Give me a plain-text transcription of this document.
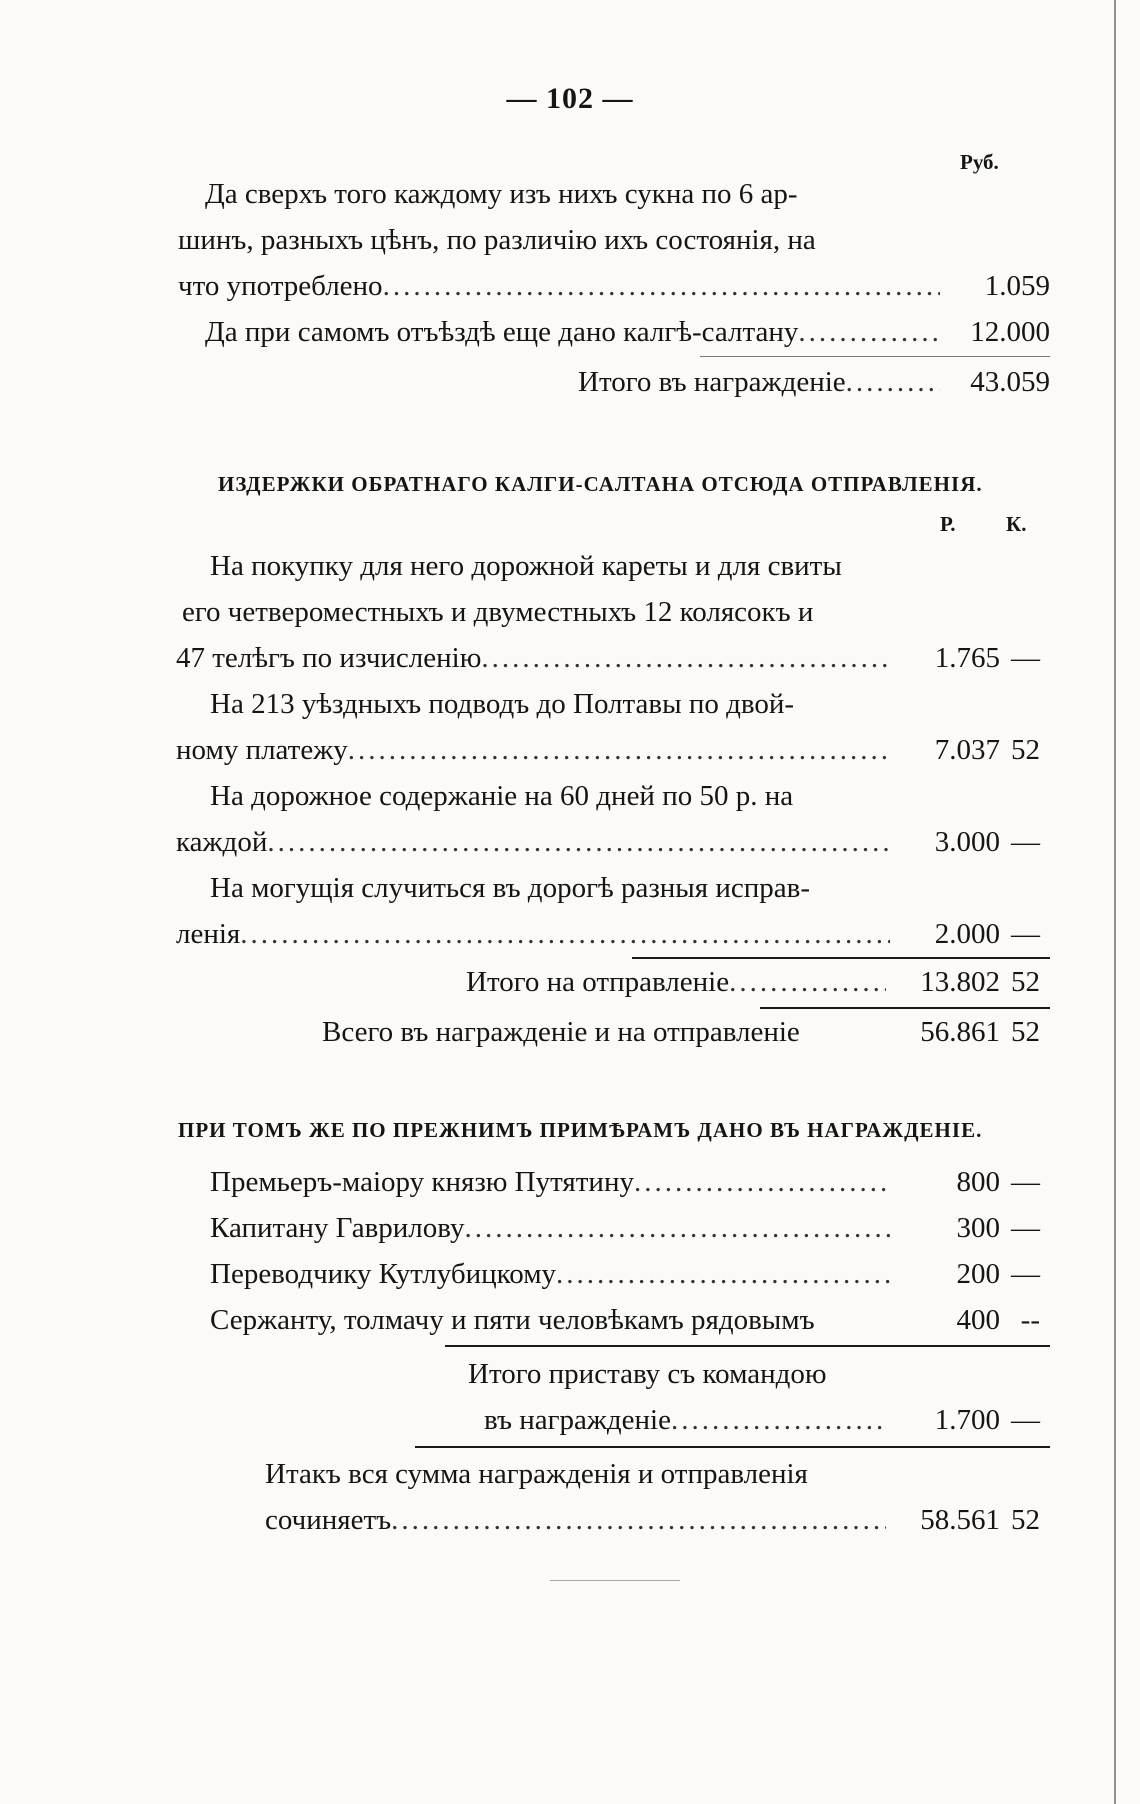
— 102 —
Руб.
Да сверхъ того каждому изъ нихъ сукна по 6 ар-
шинъ, разныхъ цѣнъ, по различію ихъ состоянія, на
что употреблено .....	1.059
Да при самомъ отъѣздѣ еще дано калгѣ-салтану .....	12.000
Итого въ награжденіе .....	43.059
ИЗДЕРЖКИ ОБРАТНАГО КАЛГИ-САЛТАНА ОТСЮДА ОТПРАВЛЕНІЯ.
Р. К.
На покупку для него дорожной кареты и для свиты
его четвероместныхъ и двуместныхъ 12 колясокъ и
47 телѣгъ по изчисленію .....	1.765 —
На 213 уѣздныхъ подводъ до Полтавы по двой-
ному платежу .....	7.037 52
На дорожное содержаніе на 60 дней по 50 р. на
каждой .....	3.000 —
На могущія случиться въ дорогѣ разныя исправ-
ленія .....	2.000 —
Итого на отправленіе .....	13.802 52
Всего въ награжденіе и на отправленіе	56.861 52
ПРИ ТОМЪ ЖЕ ПО ПРЕЖНИМЪ ПРИМѢРАМЪ ДАНО ВЪ НАГРАЖДЕНІЕ.
Премьеръ-маіору князю Путятину .....	800 —
Капитану Гаврилову .....	300 —
Переводчику Кутлубицкому .....	200 —
Сержанту, толмачу и пяти человѣкамъ рядовымъ	400 --
Итого приставу съ командою
въ награжденіе .....	1.700 —
Итакъ вся сумма награжденія и отправленія
сочиняетъ .....	58.561 52
